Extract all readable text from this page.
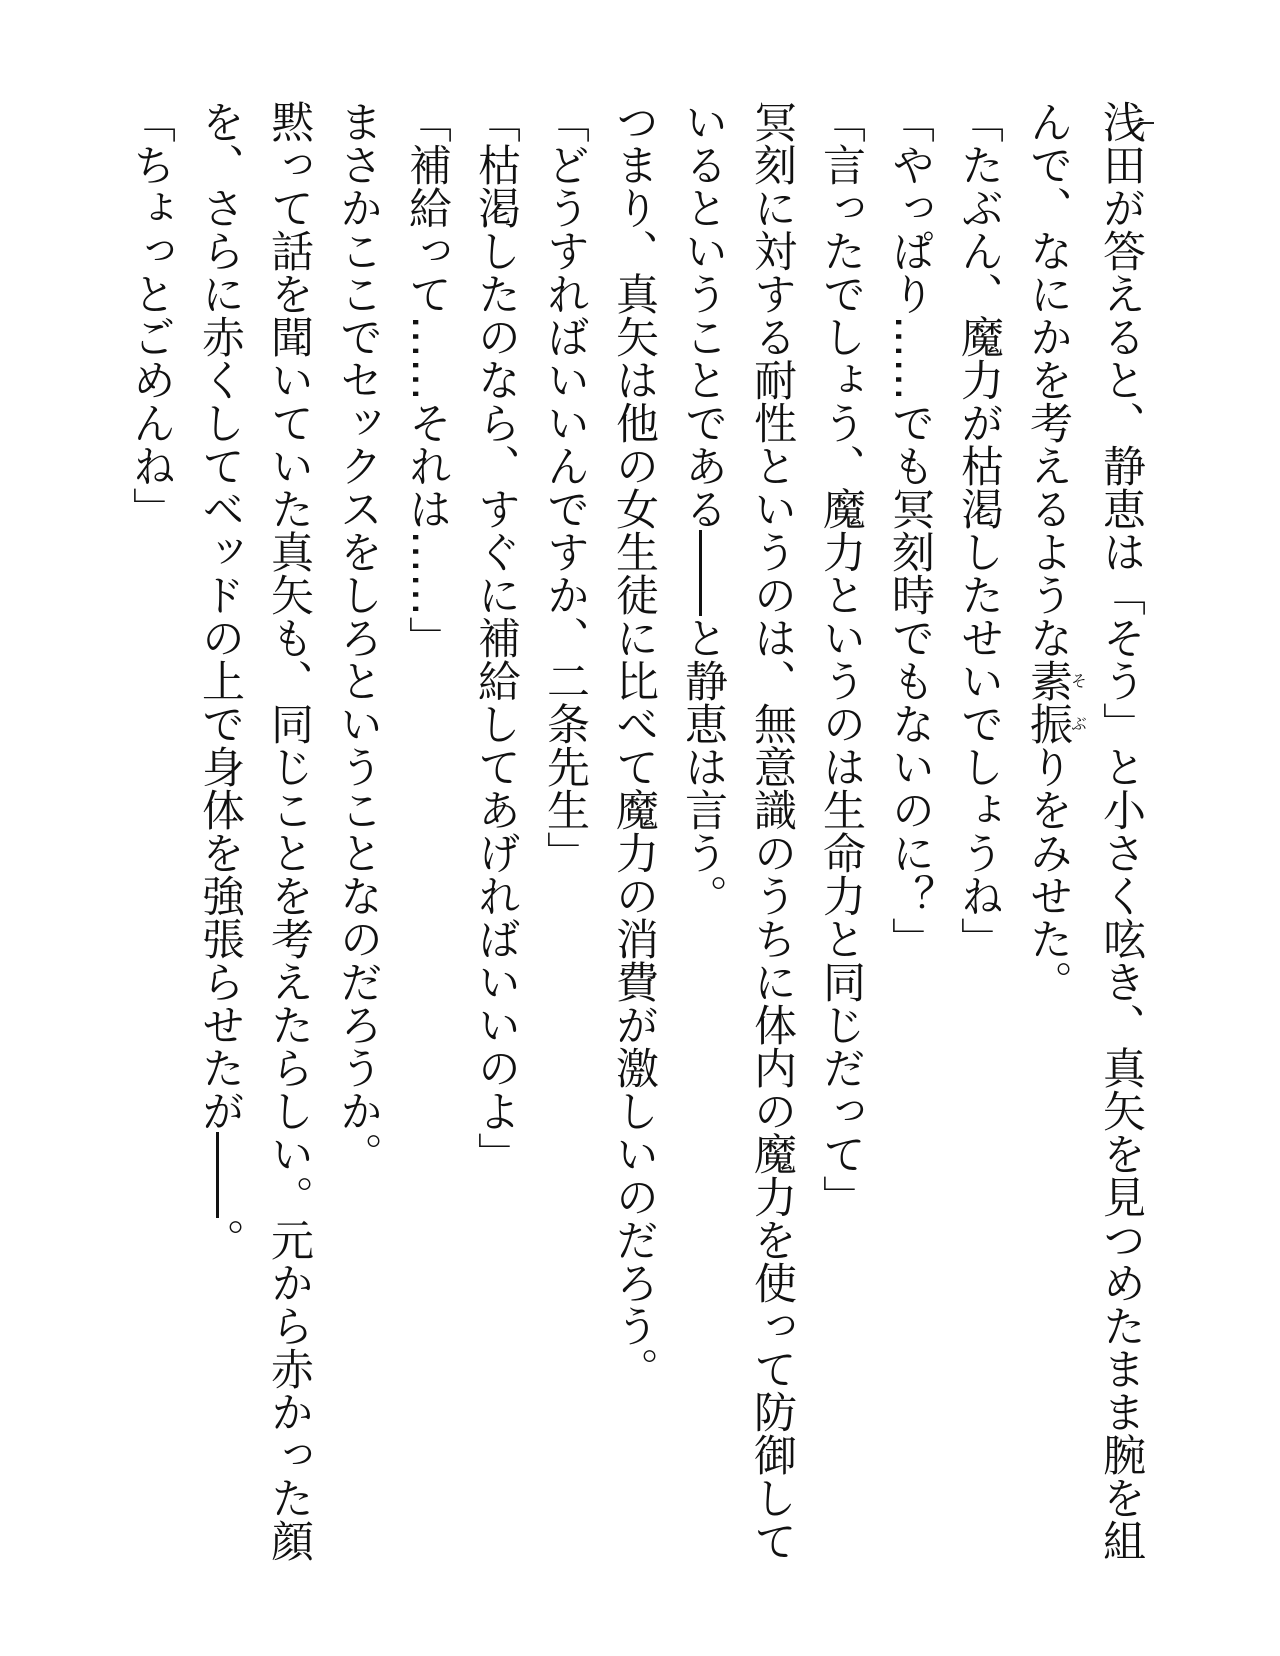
浅田が答えると、静恵は「そう」と小さく呟き、真矢を見つめたまま腕を組

んで、なにかを考えるような素振そぶりをみせた。

「たぶん、魔力が枯渇したせいでしょうね」

「やっぱり……でも冥刻時でもないのに？」

「言ったでしょう、魔力というのは生命力と同じだって」

冥刻に対する耐性というのは、無意識のうちに体内の魔力を使って防御して

いるということである――と静恵は言う。

つまり、真矢は他の女生徒に比べて魔力の消費が激しいのだろう。

「どうすればいいんですか、二条先生」

「枯渇したのなら、すぐに補給してあげればいいのよ」

「補給って……それは……」

まさかここでセックスをしろということなのだろうか。

黙って話を聞いていた真矢も、同じことを考えたらしい。元から赤かった顔

を、さらに赤くしてベッドの上で身体を強張らせたが――。

「ちょっとごめんね」
